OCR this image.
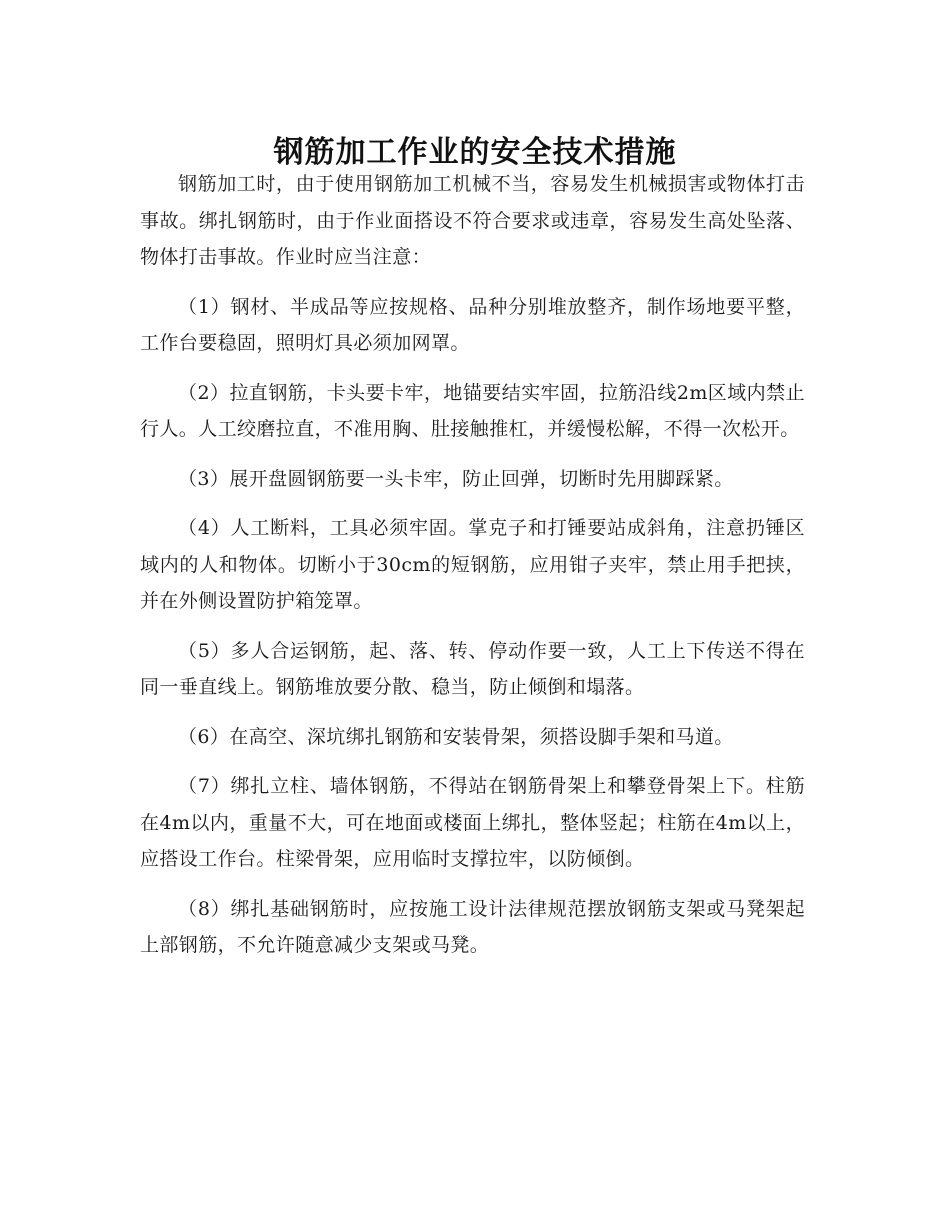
钢筋加工作业的安全技术措施

钢筋加工时，由于使用钢筋加工机械不当，容易发生机械损害或物体打击事故。绑扎钢筋时，由于作业面搭设不符合要求或违章，容易发生高处坠落、物体打击事故。作业时应当注意：

（1）钢材、半成品等应按规格、品种分别堆放整齐，制作场地要平整，工作台要稳固，照明灯具必须加网罩。

（2）拉直钢筋，卡头要卡牢，地锚要结实牢固，拉筋沿线2m区域内禁止行人。人工绞磨拉直，不准用胸、肚接触推杠，并缓慢松解，不得一次松开。

（3）展开盘圆钢筋要一头卡牢，防止回弹，切断时先用脚踩紧。

（4）人工断料，工具必须牢固。掌克子和打锤要站成斜角，注意扔锤区域内的人和物体。切断小于30cm的短钢筋，应用钳子夹牢，禁止用手把挟，并在外侧设置防护箱笼罩。

（5）多人合运钢筋，起、落、转、停动作要一致，人工上下传送不得在同一垂直线上。钢筋堆放要分散、稳当，防止倾倒和塌落。

（6）在高空、深坑绑扎钢筋和安装骨架，须搭设脚手架和马道。

（7）绑扎立柱、墙体钢筋，不得站在钢筋骨架上和攀登骨架上下。柱筋在4m以内，重量不大，可在地面或楼面上绑扎，整体竖起；柱筋在4m以上，应搭设工作台。柱梁骨架，应用临时支撑拉牢，以防倾倒。

（8）绑扎基础钢筋时，应按施工设计法律规范摆放钢筋支架或马凳架起上部钢筋，不允许随意减少支架或马凳。
